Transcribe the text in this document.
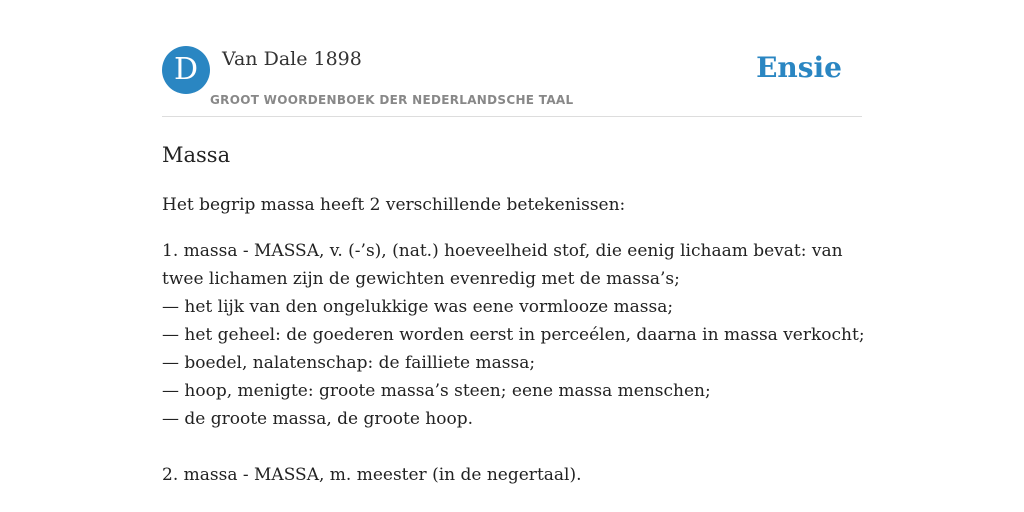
D	Van Dale 1898
GROOT WOORDENBOEK DER NEDERLANDSCHE TAAL
Ensie
Massa

Het begrip massa heeft 2 verschillende betekenissen:

1. massa - MASSA, v. (-’s), (nat.) hoeveelheid stof, die eenig lichaam bevat: van
twee lichamen zijn de gewichten evenredig met de massa’s;
— het lijk van den ongelukkige was eene vormlooze massa;
— het geheel: de goederen worden eerst in perceélen, daarna in massa verkocht;
— boedel, nalatenschap: de failliete massa;
— hoop, menigte: groote massa’s steen; eene massa menschen;
— de groote massa, de groote hoop.
2. massa - MASSA, m. meester (in de negertaal).
